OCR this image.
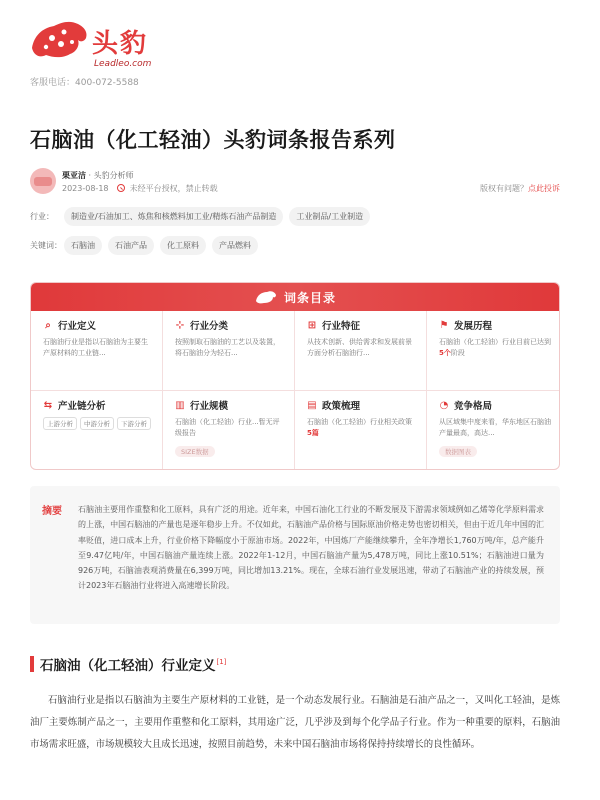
头豹
Leadleo.com
客服电话：400-072-5588
石脑油（化工轻油）头豹词条报告系列
栗亚洁 · 头豹分析师
2023-08-18	未经平台授权，禁止转载	版权有问题？点此投诉
行业：	制造业/石油加工、炼焦和核燃料加工业/精炼石油产品制造	工业制品/工业制造
关键词：	石脑油	石油产品	化工原料	产品燃料
词条目录
⌕ 行业定义
石脑油行业是指以石脑油为主要生产原材料的工业链...
⊹ 行业分类
按照制取石脑油的工艺以及装置，将石脑油分为轻石...
⊞ 行业特征
从技术创新、供给需求和发展前景方面分析石脑油行...
⚑ 发展历程
石脑油（化工轻油）行业目前已达到 5个阶段
⇆ 产业链分析
上游分析	中游分析	下游分析
▥ 行业规模
石脑油（化工轻油）行业...暂无评级报告
SIZE数据
▤ 政策梳理
石脑油（化工轻油）行业相关政策 5篇
◔ 竞争格局
从区域集中度来看，华东地区石脑油产量最高，高达...
数据图表
摘要 石脑油主要用作重整和化工原料，具有广泛的用途。近年来，中国石油化工行业的不断发展及下游需求领域例如乙烯等化学原料需求的上涨，中国石脑油的产量也是逐年稳步上升。不仅如此，石脑油产品价格与国际原油价格走势也密切相关，但由于近几年中国的汇率贬值，进口成本上升，行业价格下降幅度小于原油市场。2022年，中国炼厂产能继续攀升，全年净增长1,760万吨/年，总产能升至9.47亿吨/年，中国石脑油产量连续上涨。2022年1-12月，中国石脑油产量为5,478万吨，同比上涨10.51%；石脑油进口量为926万吨，石脑油表观消费量在6,399万吨，同比增加13.21%。现在，全球石油行业发展迅速，带动了石脑油产业的持续发展，预计2023年石脑油行业将进入高速增长阶段。
石脑油（化工轻油）行业定义[1]

石脑油行业是指以石脑油为主要生产原材料的工业链，是一个动态发展行业。石脑油是石油产品之一，又叫化工轻油，是炼油厂主要炼制产品之一，主要用作重整和化工原料，其用途广泛，几乎涉及到每个化学品子行业。作为一种重要的原料，石脑油市场需求旺盛，市场规模较大且成长迅速，按照目前趋势，未来中国石脑油市场将保持持续增长的良性循环。
